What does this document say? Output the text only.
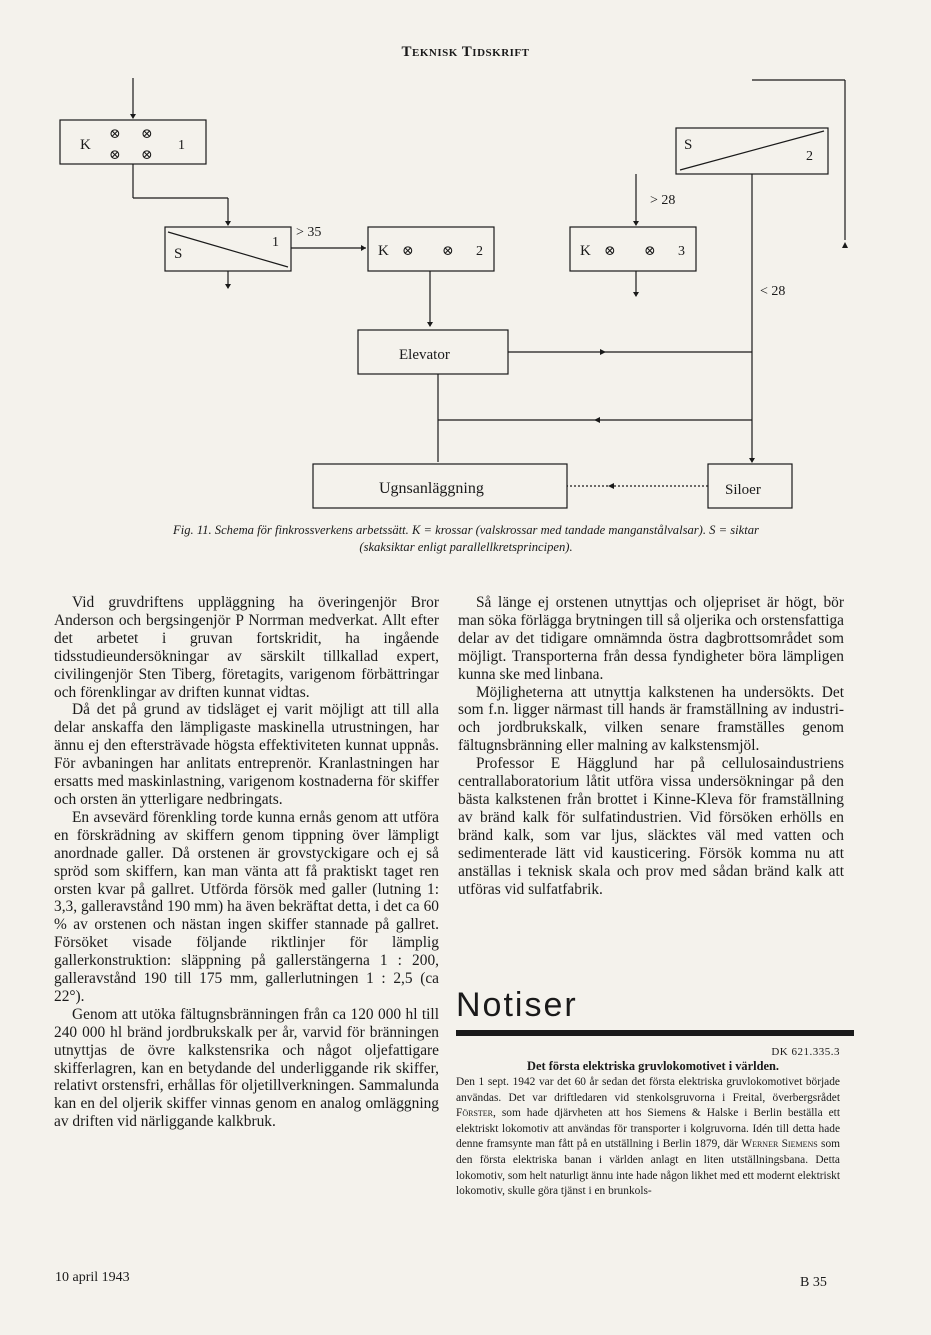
Teknisk Tidskrift
K
⊗ ⊗
⊗ ⊗
1
S
1
> 35
K ⊗ ⊗ 2	K ⊗ ⊗ 3
S
2
> 28
< 28
Elevator
Ugnsanläggning	Siloer
Fig. 11. Schema för finkrossverkens arbetssätt. K = krossar (valskrossar med tandade manganstålvalsar). S = siktar
(skaksiktar enligt parallellkretsprincipen).

Vid gruvdriftens uppläggning ha överingenjör Bror Anderson och bergsingenjör P Norrman medverkat. Allt efter det arbetet i gruvan fortskridit, ha ingående tidsstudieundersökningar av särskilt tillkallad expert, civilingenjör Sten Tiberg, företagits, varigenom förbättringar och förenklingar av driften kunnat vidtas.

Då det på grund av tidsläget ej varit möjligt att till alla delar anskaffa den lämpligaste maskinella utrustningen, har ännu ej den eftersträvade högsta effektiviteten kunnat uppnås. För avbaningen har anlitats entreprenör. Kranlastningen har ersatts med maskinlastning, varigenom kostnaderna för skiffer och orsten än ytterligare nedbringats.

En avsevärd förenkling torde kunna ernås genom att utföra en förskrädning av skiffern genom tippning över lämpligt anordnade galler. Då orstenen är grovstyckigare och ej så spröd som skiffern, kan man vänta att få praktiskt taget ren orsten kvar på gallret. Utförda försök med galler (lutning 1: 3,3, galleravstånd 190 mm) ha även bekräftat detta, i det ca 60 % av orstenen och nästan ingen skiffer stannade på gallret. Försöket visade följande riktlinjer för lämplig gallerkonstruktion: släppning på gallerstängerna 1 : 200, galleravstånd 190 till 175 mm, gallerlutningen 1 : 2,5 (ca 22°).

Genom att utöka fältugnsbränningen från ca 120 000 hl till 240 000 hl bränd jordbrukskalk per år, varvid för bränningen utnyttjas de övre kalkstensrika och något oljefattigare skifferlagren, kan en betydande del underliggande rik skiffer, relativt orstensfri, erhållas för oljetillverkningen. Sammalunda kan en del oljerik skiffer vinnas genom en analog omläggning av driften vid närliggande kalkbruk.

Så länge ej orstenen utnyttjas och oljepriset är högt, bör man söka förlägga brytningen till så oljerika och orstensfattiga delar av det tidigare omnämnda östra dagbrottsområdet som möjligt. Transporterna från dessa fyndigheter böra lämpligen kunna ske med linbana.

Möjligheterna att utnyttja kalkstenen ha undersökts. Det som f.n. ligger närmast till hands är framställning av industri- och jordbrukskalk, vilken senare framställes genom fältugnsbränning eller malning av kalkstensmjöl.

Professor E Hägglund har på cellulosaindustriens centrallaboratorium låtit utföra vissa undersökningar på den bästa kalkstenen från brottet i Kinne-Kleva för framställning av bränd kalk för sulfatindustrien. Vid försöken erhölls en bränd kalk, som var ljus, släcktes väl med vatten och sedimenterade lätt vid kausticering. Försök komma nu att anställas i teknisk skala och prov med sådan bränd kalk att utföras vid sulfatfabrik.

Notiser
DK 621.335.3
Det första elektriska gruvlokomotivet i världen.
Den 1 sept. 1942 var det 60 år sedan det första elektriska gruvlokomotivet började användas. Det var driftledaren vid stenkolsgruvorna i Freital, överbergsrådet Förster, som hade djärvheten att hos Siemens & Halske i Berlin beställa ett elektriskt lokomotiv att användas för transporter i kolgruvorna. Idén till detta hade denne framsynte man fått på en utställning i Berlin 1879, där Werner Siemens som den första elektriska banan i världen anlagt en liten utställningsbana. Detta lokomotiv, som helt naturligt ännu inte hade någon likhet med ett modernt elektriskt lokomotiv, skulle göra tjänst i en brunkols-
10 april 1943	B 35
